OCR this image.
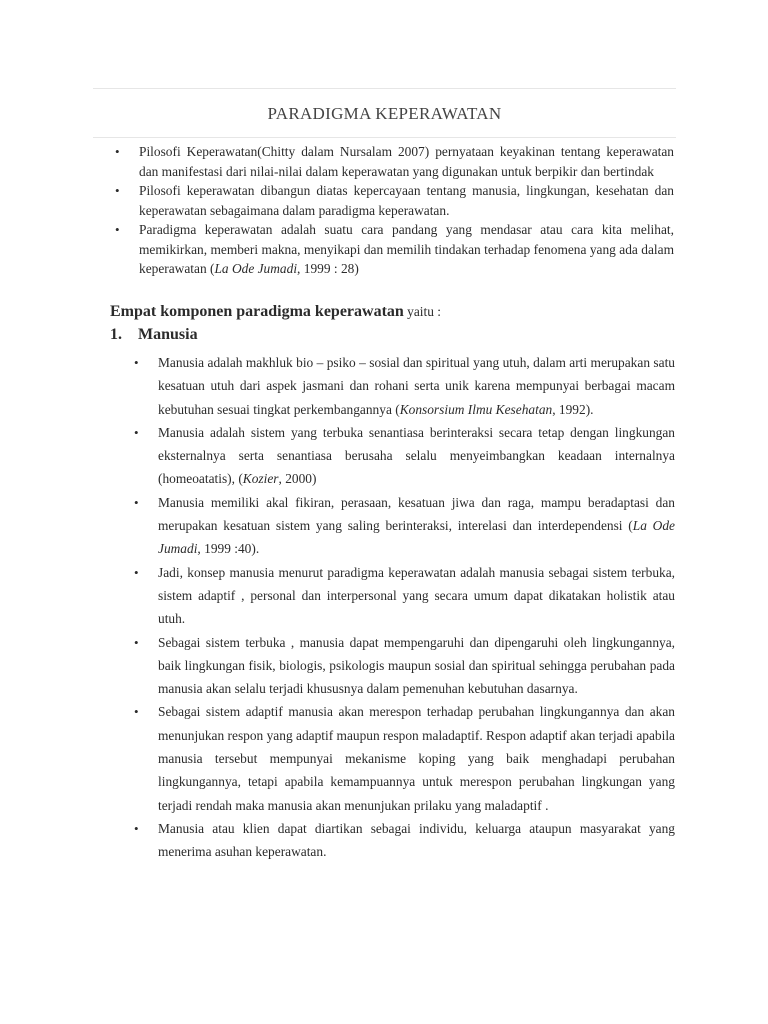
PARADIGMA KEPERAWATAN
• Pilosofi Keperawatan(Chitty dalam Nursalam 2007) pernyataan keyakinan tentang keperawatan dan manifestasi dari nilai-nilai dalam keperawatan yang digunakan untuk berpikir dan bertindak
• Pilosofi keperawatan dibangun diatas kepercayaan tentang manusia, lingkungan, kesehatan dan keperawatan sebagaimana dalam paradigma keperawatan.
• Paradigma keperawatan adalah suatu cara pandang yang mendasar atau cara kita melihat, memikirkan, memberi makna, menyikapi dan memilih tindakan terhadap fenomena yang ada dalam keperawatan (La Ode Jumadi, 1999 : 28)
Empat komponen paradigma keperawatan yaitu :
1. Manusia
• Manusia adalah makhluk bio – psiko – sosial dan spiritual yang utuh, dalam arti merupakan satu kesatuan utuh dari aspek jasmani dan rohani serta unik karena mempunyai berbagai macam kebutuhan sesuai tingkat perkembangannya (Konsorsium Ilmu Kesehatan, 1992).
• Manusia adalah sistem yang terbuka senantiasa berinteraksi secara tetap dengan lingkungan eksternalnya serta senantiasa berusaha selalu menyeimbangkan keadaan internalnya (homeoatatis), (Kozier, 2000)
• Manusia memiliki akal fikiran, perasaan, kesatuan jiwa dan raga, mampu beradaptasi dan merupakan kesatuan sistem yang saling berinteraksi, interelasi dan interdependensi (La Ode Jumadi, 1999 :40).
• Jadi, konsep manusia menurut paradigma keperawatan adalah manusia sebagai sistem terbuka, sistem adaptif , personal dan interpersonal yang secara umum dapat dikatakan holistik atau utuh.
• Sebagai sistem terbuka , manusia dapat mempengaruhi dan dipengaruhi oleh lingkungannya, baik lingkungan fisik, biologis, psikologis maupun sosial dan spiritual sehingga perubahan pada manusia akan selalu terjadi khususnya dalam pemenuhan kebutuhan dasarnya.
• Sebagai sistem adaptif manusia akan merespon terhadap perubahan lingkungannya dan akan menunjukan respon yang adaptif maupun respon maladaptif. Respon adaptif akan terjadi apabila manusia tersebut mempunyai mekanisme koping yang baik menghadapi perubahan lingkungannya, tetapi apabila kemampuannya untuk merespon perubahan lingkungan yang terjadi rendah maka manusia akan menunjukan prilaku yang maladaptif .
• Manusia atau klien dapat diartikan sebagai individu, keluarga ataupun masyarakat yang menerima asuhan keperawatan.
